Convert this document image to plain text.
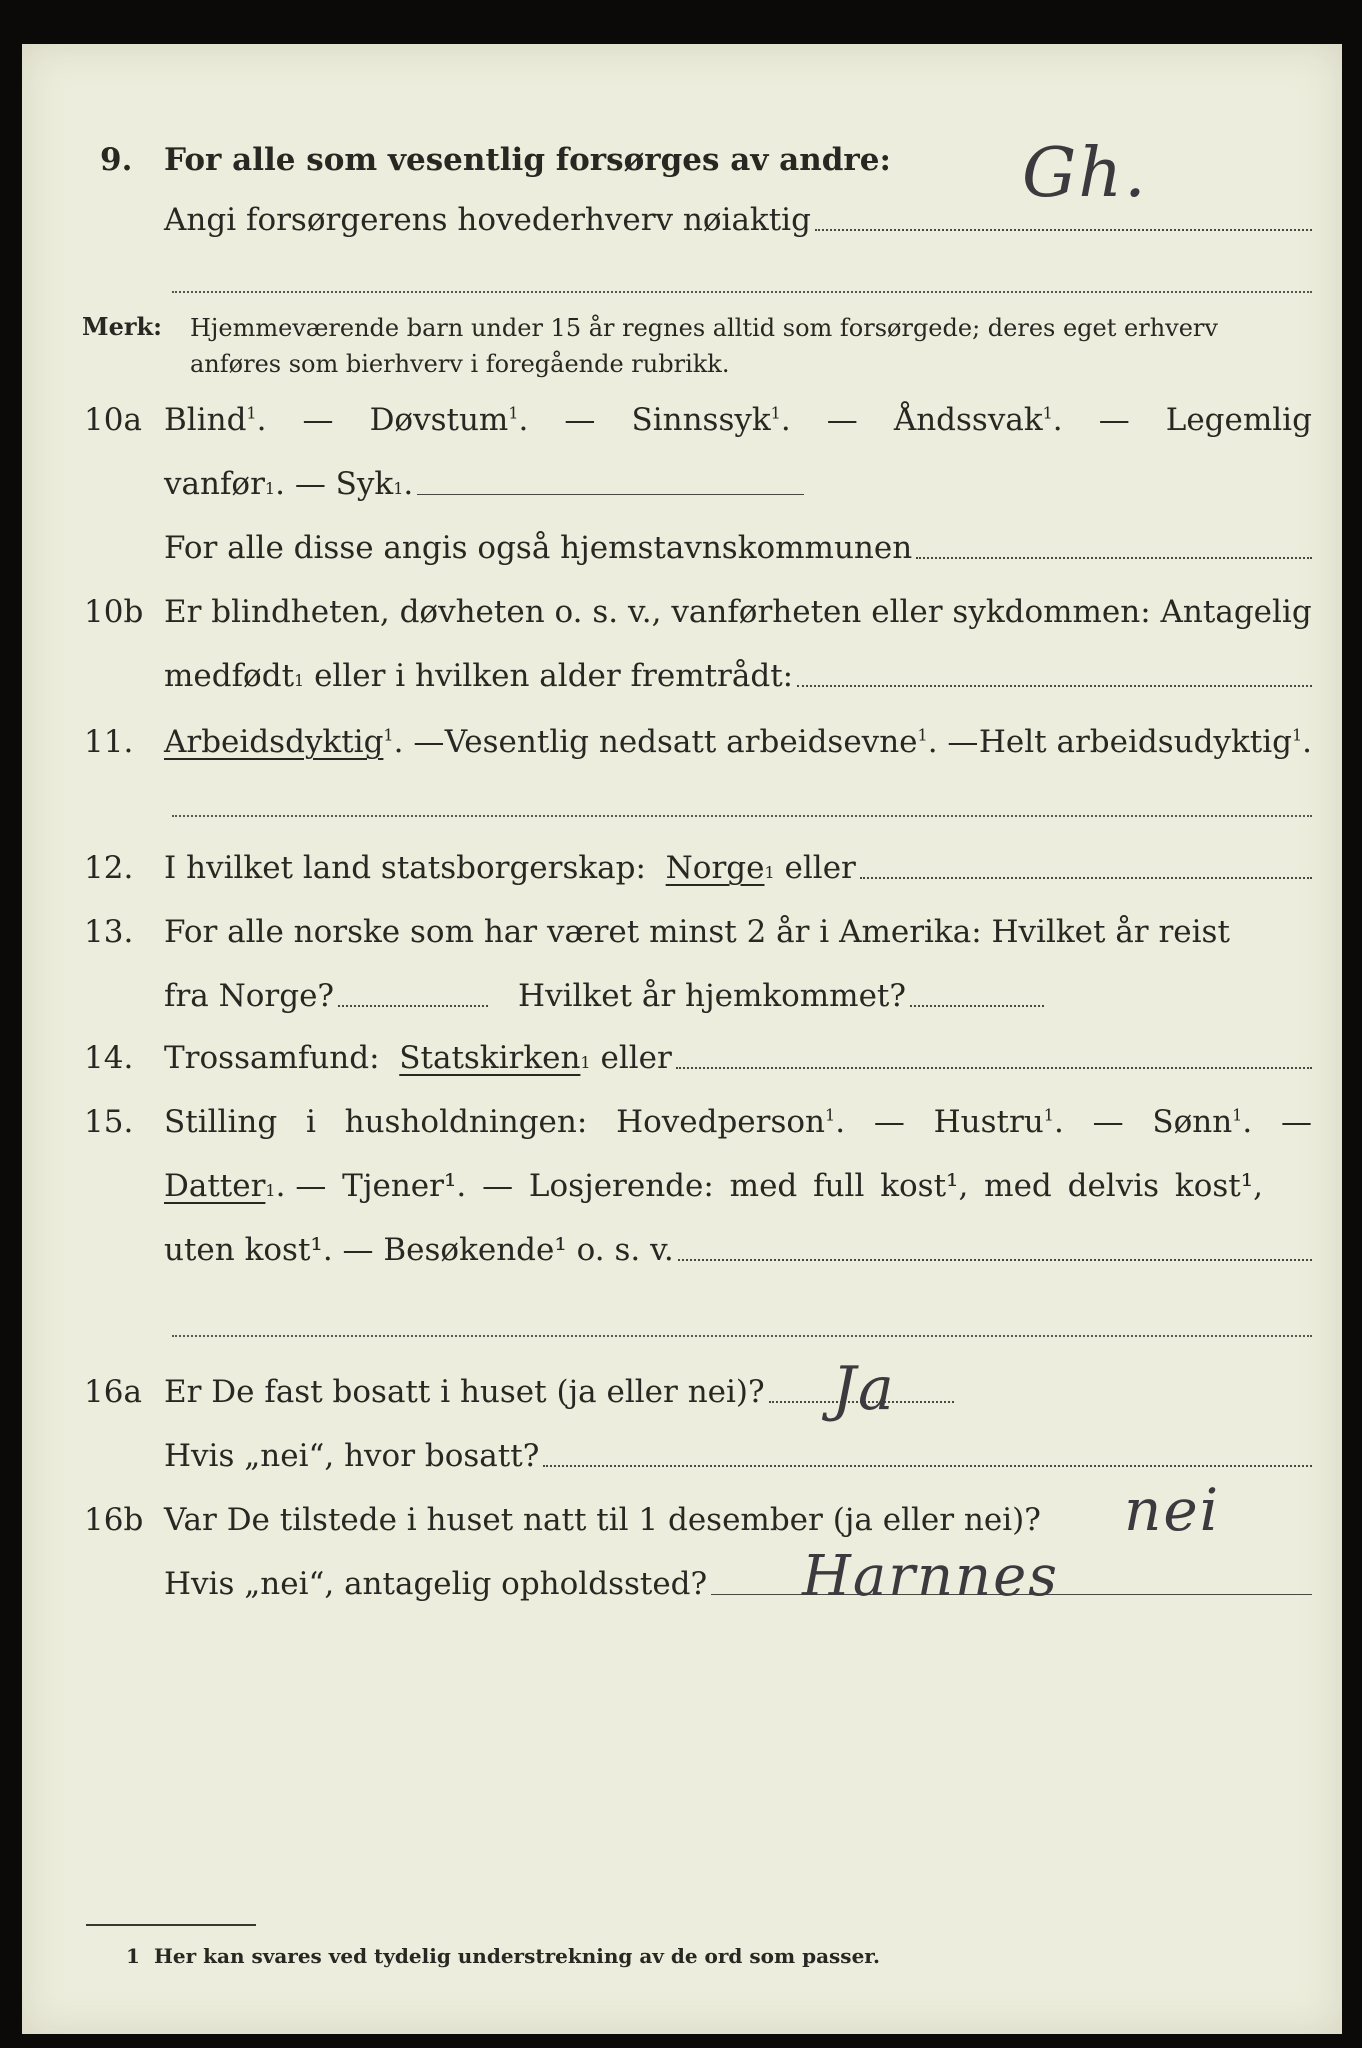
9. For alle som vesentlig forsørges av andre: Gh.
Angi forsørgerens hovederhverv nøiaktig
Merk: Hjemmeværende barn under 15 år regnes alltid som forsørgede; deres eget erhverv
anføres som bierhverv i foregående rubrikk.
10a Blind$^1$. — Døvstum$^1$. — Sinnssyk$^1$. — Åndssvak$^1$. — Legemlig
vanfør 1 . — Syk 1 .
For alle disse angis også hjemstavnskommunen
10b Er blindheten, døvheten o. s. v., vanførheten eller sykdommen: Antagelig
medfødt 1
eller i hvilken alder fremtrådt:
11. Arbeidsdyktig$^1$. — Vesentlig nedsatt arbeidsevne$^1$. — Helt arbeidsudyktig$^1$.
12. I hvilket land statsborgerskap:
Norge 1
eller
13. For alle norske som har været minst 2 år i Amerika: Hvilket år reist
fra Norge?	Hvilket år hjemkommet?
14. Trossamfund:
Statskirken 1
eller
15. Stilling i husholdningen: Hovedperson$^1$. — Hustru$^1$. — Sønn$^1$. —
Datter 1 . — Tjener¹. — Losjerende: med full kost¹, med delvis kost¹,
uten kost¹. — Besøkende¹ o. s. v.
16a Er De fast bosatt i huset (ja eller nei)? Ja
Hvis „nei“, hvor bosatt?
16b Var De tilstede i huset natt til 1 desember (ja eller nei)? nei
Hvis „nei“, antagelig opholdssted? Harnnes
1 Her kan svares ved tydelig understrekning av de ord som passer.
